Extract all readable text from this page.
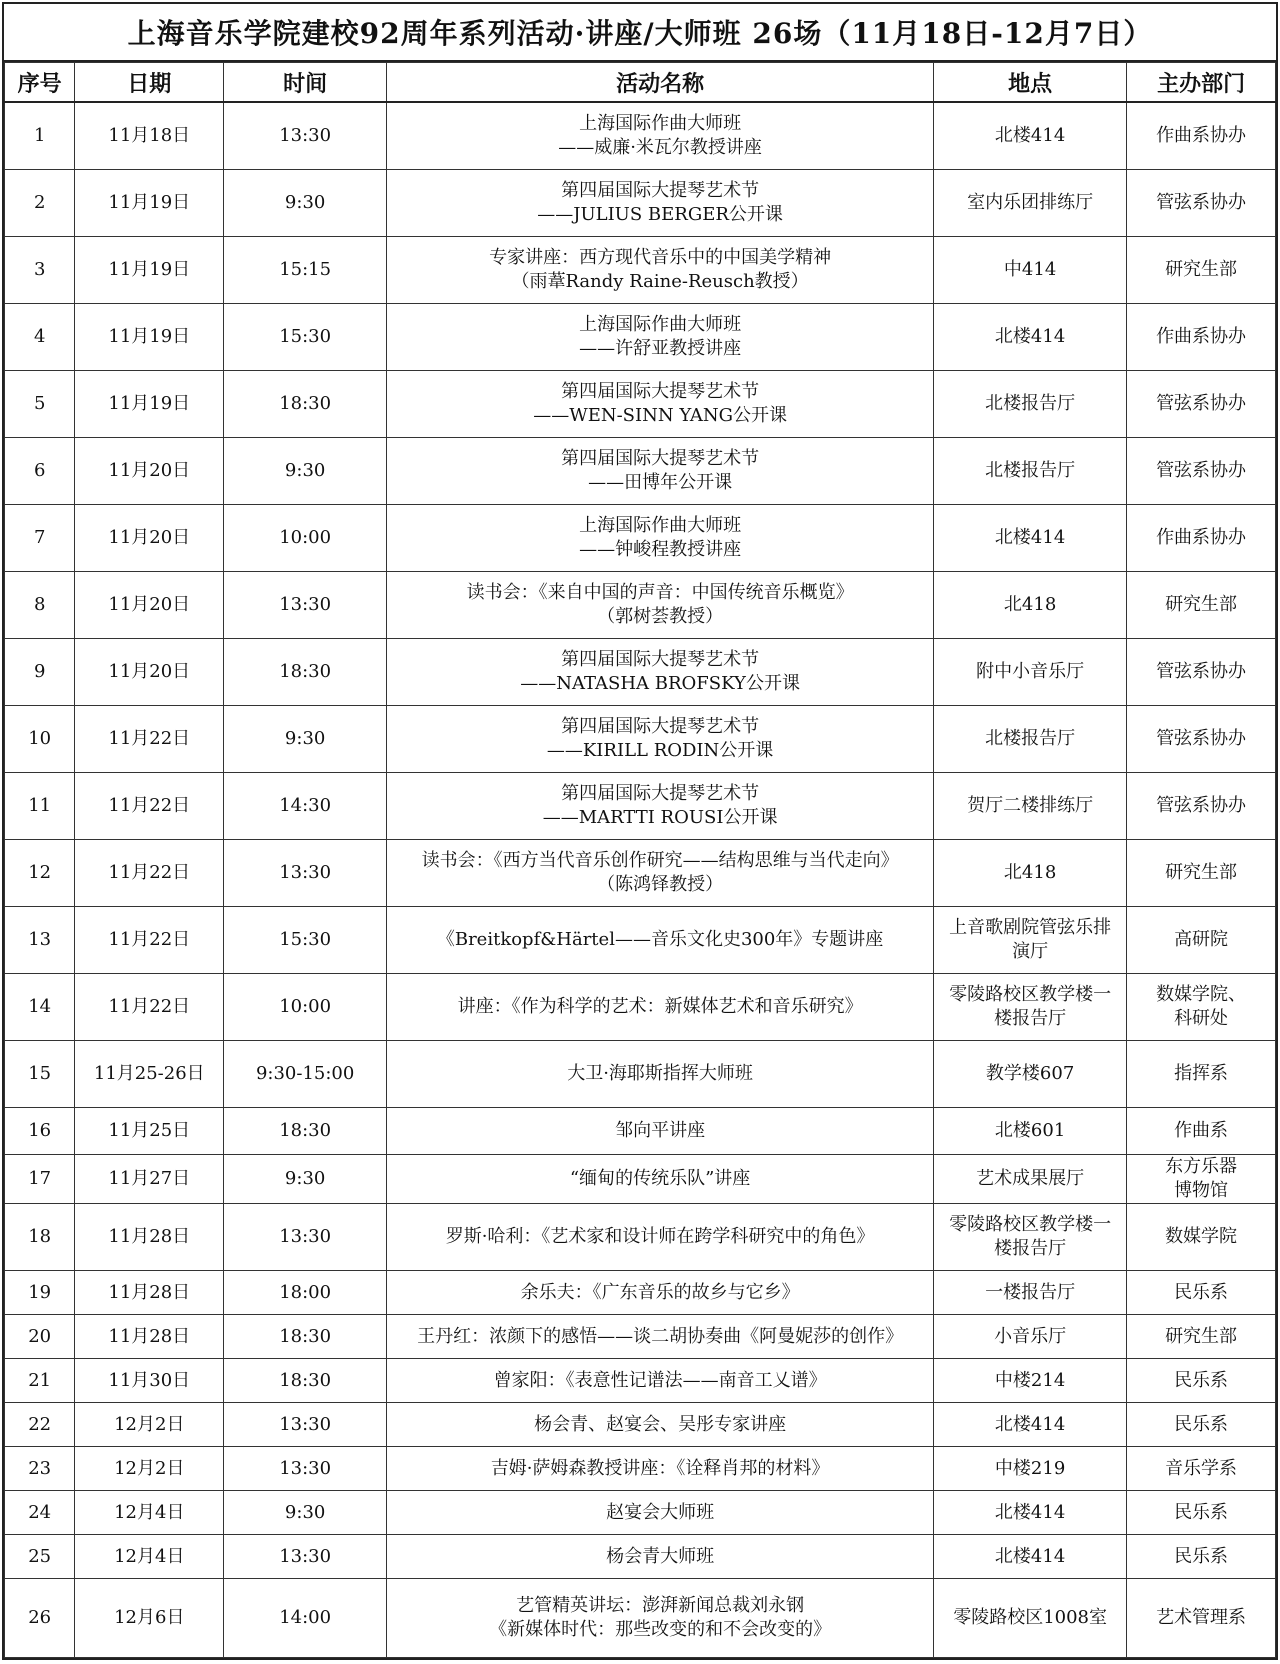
上海音乐学院建校92周年系列活动·讲座/大师班 26场（11月18日-12月7日）
序号	日期	时间	活动名称	地点	主办部门

1	11月18日	13:30	上海国际作曲大师班
——威廉·米瓦尔教授讲座	北楼414	作曲系协办

2	11月19日	9:30	第四届国际大提琴艺术节
——JULIUS BERGER公开课	室内乐团排练厅	管弦系协办

3	11月19日	15:15	专家讲座：西方现代音乐中的中国美学精神
（雨葦Randy Raine-Reusch教授）	中414	研究生部

4	11月19日	15:30	上海国际作曲大师班
——许舒亚教授讲座	北楼414	作曲系协办

5	11月19日	18:30	第四届国际大提琴艺术节
——WEN-SINN YANG公开课	北楼报告厅	管弦系协办

6	11月20日	9:30	第四届国际大提琴艺术节
——田博年公开课	北楼报告厅	管弦系协办

7	11月20日	10:00	上海国际作曲大师班
——钟峻程教授讲座	北楼414	作曲系协办

8	11月20日	13:30	读书会：《来自中国的声音：中国传统音乐概览》
（郭树荟教授）	北418	研究生部

9	11月20日	18:30	第四届国际大提琴艺术节
——NATASHA BROFSKY公开课	附中小音乐厅	管弦系协办

10	11月22日	9:30	第四届国际大提琴艺术节
——KIRILL RODIN公开课	北楼报告厅	管弦系协办

11	11月22日	14:30	第四届国际大提琴艺术节
——MARTTI ROUSI公开课	贺厅二楼排练厅	管弦系协办

12	11月22日	13:30	读书会：《西方当代音乐创作研究——结构思维与当代走向》
（陈鸿铎教授）	北418	研究生部

13	11月22日	15:30	《Breitkopf&Härtel——音乐文化史300年》专题讲座	上音歌剧院管弦乐排
演厅	高研院

14	11月22日	10:00	讲座：《作为科学的艺术：新媒体艺术和音乐研究》	零陵路校区教学楼一
楼报告厅	数媒学院、
科研处

15	11月25-26日	9:30-15:00	大卫·海耶斯指挥大师班	教学楼607	指挥系

16	11月25日	18:30	邹向平讲座	北楼601	作曲系

17	11月27日	9:30	“缅甸的传统乐队”讲座	艺术成果展厅	东方乐器
博物馆

18	11月28日	13:30	罗斯·哈利：《艺术家和设计师在跨学科研究中的角色》	零陵路校区教学楼一
楼报告厅	数媒学院

19	11月28日	18:00	余乐夫：《广东音乐的故乡与它乡》	一楼报告厅	民乐系

20	11月28日	18:30	王丹红：浓颜下的感悟——谈二胡协奏曲《阿曼妮莎的创作》	小音乐厅	研究生部

21	11月30日	18:30	曾家阳：《表意性记谱法——南音工乂谱》	中楼214	民乐系

22	12月2日	13:30	杨会青、赵宴会、吴彤专家讲座	北楼414	民乐系

23	12月2日	13:30	吉姆·萨姆森教授讲座：《诠释肖邦的材料》	中楼219	音乐学系

24	12月4日	9:30	赵宴会大师班	北楼414	民乐系

25	12月4日	13:30	杨会青大师班	北楼414	民乐系

26	12月6日	14:00	艺管精英讲坛：澎湃新闻总裁刘永钢
《新媒体时代：那些改变的和不会改变的》	零陵路校区1008室	艺术管理系
